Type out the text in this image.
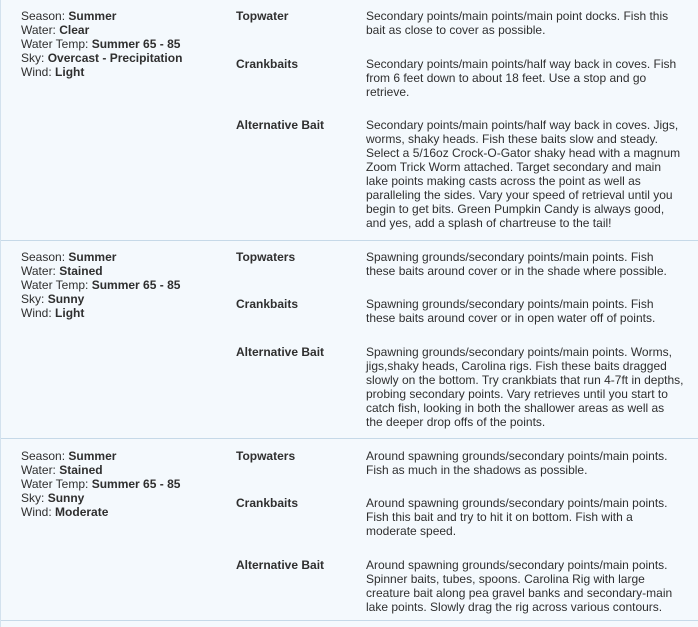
Season: Summer
Water: Clear
Water Temp: Summer 65 - 85
Sky: Overcast - Precipitation
Wind: Light
Topwater	Secondary points/main points/main point docks. Fish this bait as close to cover as possible.
Crankbaits	Secondary points/main points/half way back in coves. Fish from 6 feet down to about 18 feet. Use a stop and go retrieve.
Alternative Bait	Secondary points/main points/half way back in coves. Jigs, worms, shaky heads. Fish these baits slow and steady. Select a 5/16oz Crock-O-Gator shaky head with a magnum Zoom Trick Worm attached. Target secondary and main lake points making casts across the point as well as paralleling the sides. Vary your speed of retrieval until you begin to get bits. Green Pumpkin Candy is always good, and yes, add a splash of chartreuse to the tail!
Season: Summer
Water: Stained
Water Temp: Summer 65 - 85
Sky: Sunny
Wind: Light
Topwaters	Spawning grounds/secondary points/main points. Fish these baits around cover or in the shade where possible.
Crankbaits	Spawning grounds/secondary points/main points. Fish these baits around cover or in open water off of points.
Alternative Bait	Spawning grounds/secondary points/main points. Worms, jigs,shaky heads, Carolina rigs. Fish these baits dragged slowly on the bottom. Try crankbiats that run 4-7ft in depths, probing secondary points. Vary retrieves until you start to catch fish, looking in both the shallower areas as well as the deeper drop offs of the points.
Season: Summer
Water: Stained
Water Temp: Summer 65 - 85
Sky: Sunny
Wind: Moderate
Topwaters	Around spawning grounds/secondary points/main points. Fish as much in the shadows as possible.
Crankbaits	Around spawning grounds/secondary points/main points. Fish this bait and try to hit it on bottom. Fish with a moderate speed.
Alternative Bait	Around spawning grounds/secondary points/main points. Spinner baits, tubes, spoons. Carolina Rig with large creature bait along pea gravel banks and secondary-main lake points. Slowly drag the rig across various contours.
